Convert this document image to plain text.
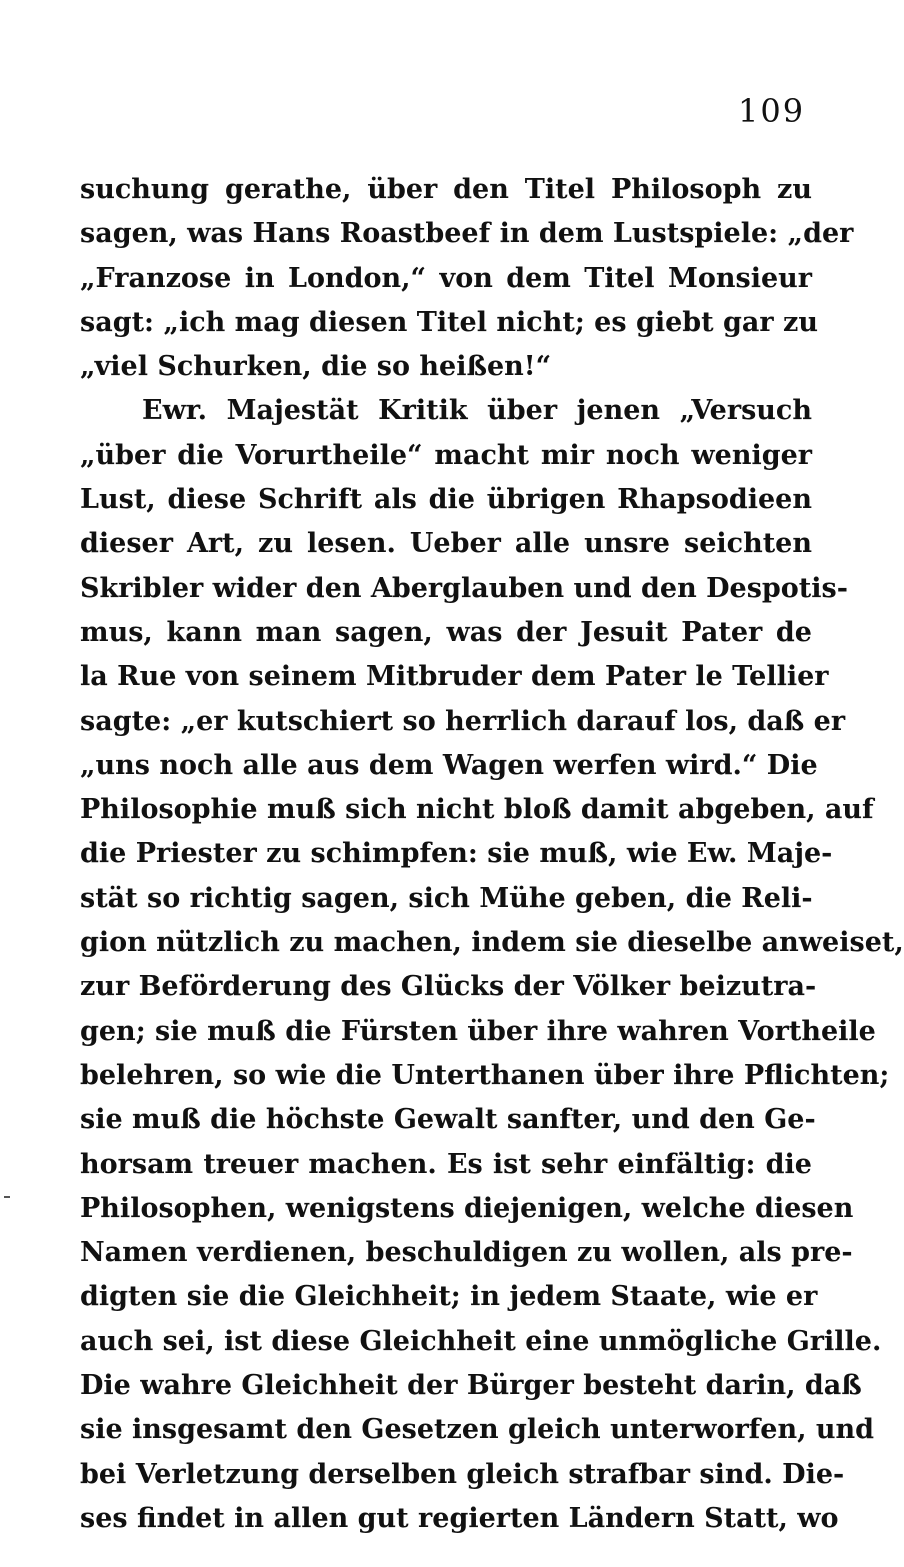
109
suchung gerathe, über den Titel Philosoph zu
sagen, was Hans Roastbeef in dem Lustspiele: „der
„Franzose in London,“ von dem Titel Monsieur
sagt: „ich mag diesen Titel nicht; es giebt gar zu
„viel Schurken, die so heißen!“
Ewr. Majestät Kritik über jenen „Versuch
„über die Vorurtheile“ macht mir noch weniger
Lust, diese Schrift als die übrigen Rhapsodieen
dieser Art, zu lesen. Ueber alle unsre seichten
Skribler wider den Aberglauben und den Despotis-
mus, kann man sagen, was der Jesuit Pater de
la Rue von seinem Mitbruder dem Pater le Tellier
sagte: „er kutschiert so herrlich darauf los, daß er
„uns noch alle aus dem Wagen werfen wird.“ Die
Philosophie muß sich nicht bloß damit abgeben, auf
die Priester zu schimpfen: sie muß, wie Ew. Maje-
stät so richtig sagen, sich Mühe geben, die Reli-
gion nützlich zu machen, indem sie dieselbe anweiset,
zur Beförderung des Glücks der Völker beizutra-
gen; sie muß die Fürsten über ihre wahren Vortheile
belehren, so wie die Unterthanen über ihre Pflichten;
sie muß die höchste Gewalt sanfter, und den Ge-
horsam treuer machen. Es ist sehr einfältig: die
Philosophen, wenigstens diejenigen, welche diesen
Namen verdienen, beschuldigen zu wollen, als pre-
digten sie die Gleichheit; in jedem Staate, wie er
auch sei, ist diese Gleichheit eine unmögliche Grille.
Die wahre Gleichheit der Bürger besteht darin, daß
sie insgesamt den Gesetzen gleich unterworfen, und
bei Verletzung derselben gleich strafbar sind. Die-
ses findet in allen gut regierten Ländern Statt, wo
